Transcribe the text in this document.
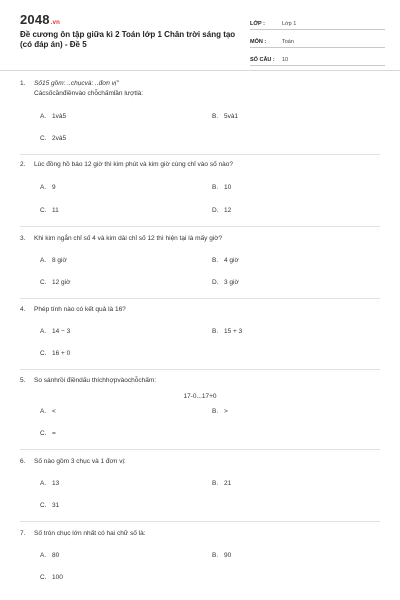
2048.vn
Đề cương ôn tập giữa kì 2 Toán lớp 1 Chân trời sáng tạo (có đáp án) - Đề 5
LỚP :	Lớp 1
MÔN :	Toán
SỐ CÂU :	10
1.	Số15 gồm: ..chụcvà: ..đơn vị"
Cácsốcầnđiềnvào chỗchấmlần lượtlà:
A. 1và5	B. 5và1
C. 2và5
2.	Lúc đồng hồ báo 12 giờ thì kim phút và kim giờ cùng chỉ vào số nào?
A. 9	B. 10
C. 11	D. 12
3.	Khi kim ngắn chỉ số 4 và kim dài chỉ số 12 thì hiện tại là mấy giờ?
A. 8 giờ	B. 4 giờ
C. 12 giờ	D. 3 giờ
4.	Phép tính nào có kết quả là 16?
A. 14 − 3	B. 15 + 3
C. 16 + 0
5.	So sánhrồi điềndấu thíchhợpvàochỗchấm:
17-0...17+0
A. <	B. >
C. =
6.	Số nào gồm 3 chục và 1 đơn vị:
A. 13	B. 21
C. 31
7.	Số tròn chục lớn nhất có hai chữ số là:
A. 80	B. 90
C. 100
